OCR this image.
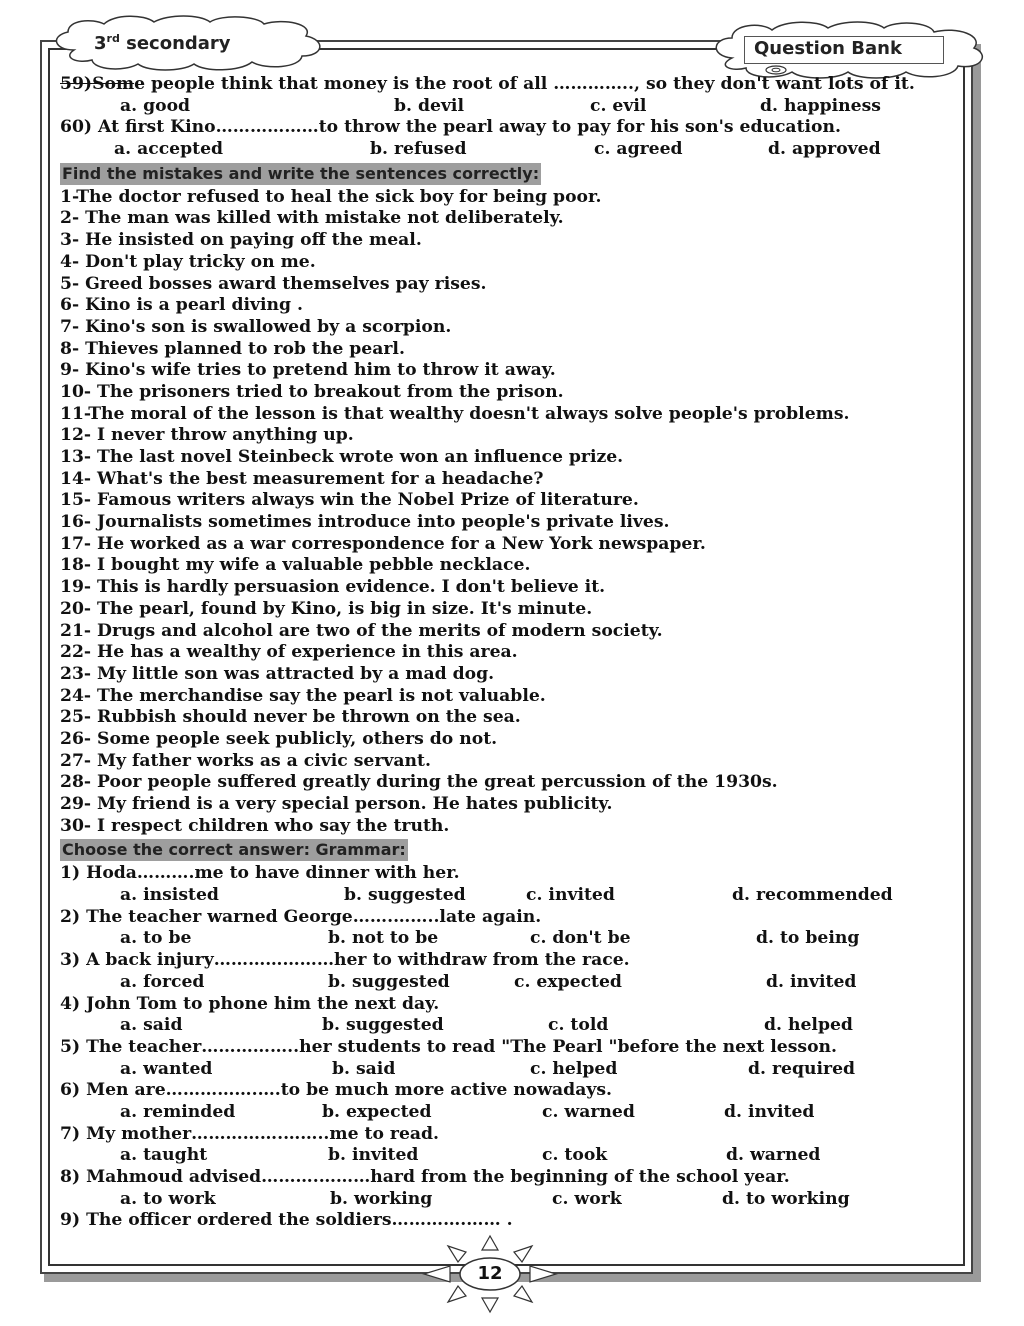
3rd secondary	Question Bank
59)Some people think that money is the root of all ………….., so they don't want lots of it.
a. good	b. devil	c. evil	d. happiness
60) At first Kino………………to throw the pearl away to pay for his son's education.
a. accepted	b. refused	c. agreed	d. approved
Find the mistakes and write the sentences correctly:
1-The doctor refused to heal the sick boy for being poor.
2- The man was killed with mistake not deliberately.
3- He insisted on paying off the meal.
4- Don't play tricky on me.
5- Greed bosses award themselves pay rises.
6- Kino is a pearl diving .
7- Kino's son is swallowed by a scorpion.
8- Thieves planned to rob the pearl.
9- Kino's wife tries to pretend him to throw it away.
10- The prisoners tried to breakout from the prison.
11-The moral of the lesson is that wealthy doesn't always solve people's problems.
12- I never throw anything up.
13- The last novel Steinbeck wrote won an influence prize.
14- What's the best measurement for a headache?
15- Famous writers always win the Nobel Prize of literature.
16- Journalists sometimes introduce into people's private lives.
17- He worked as a war correspondence for a New York newspaper.
18- I bought my wife a valuable pebble necklace.
19- This is hardly persuasion evidence. I don't believe it.
20- The pearl, found by Kino, is big in size. It's minute.
21- Drugs and alcohol are two of the merits of modern society.
22- He has a wealthy of experience in this area.
23- My little son was attracted by a mad dog.
24- The merchandise say the pearl is not valuable.
25- Rubbish should never be thrown on the sea.
26- Some people seek publicly, others do not.
27- My father works as a civic servant.
28- Poor people suffered greatly during the great percussion of the 1930s.
29- My friend is a very special person. He hates publicity.
30- I respect children who say the truth.
Choose the correct answer: Grammar:
1) Hoda……….me to have dinner with her.
a. insisted	b. suggested	c. invited	d. recommended
2) The teacher warned George…….……..late again.
a. to be	b. not to be	c. don't be	d. to being
3) A back injury…………………her to withdraw from the race.
a. forced	b. suggested	c. expected	d. invited
4) John Tom to phone him the next day.
a. said	b. suggested	c. told	d. helped
5) The teacher……………..her students to read "The Pearl "before the next lesson.
a. wanted	b. said	c. helped	d. required
6) Men are…………….….to be much more active nowadays.
a. reminded	b. expected	c. warned	d. invited
7) My mother…………….……..me to read.
a. taught	b. invited	c. took	d. warned
8) Mahmoud advised……….………hard from the beginning of the school year.
a. to work	b. working	c. work	d. to working
9) The officer ordered the soldiers………….…… .
12
